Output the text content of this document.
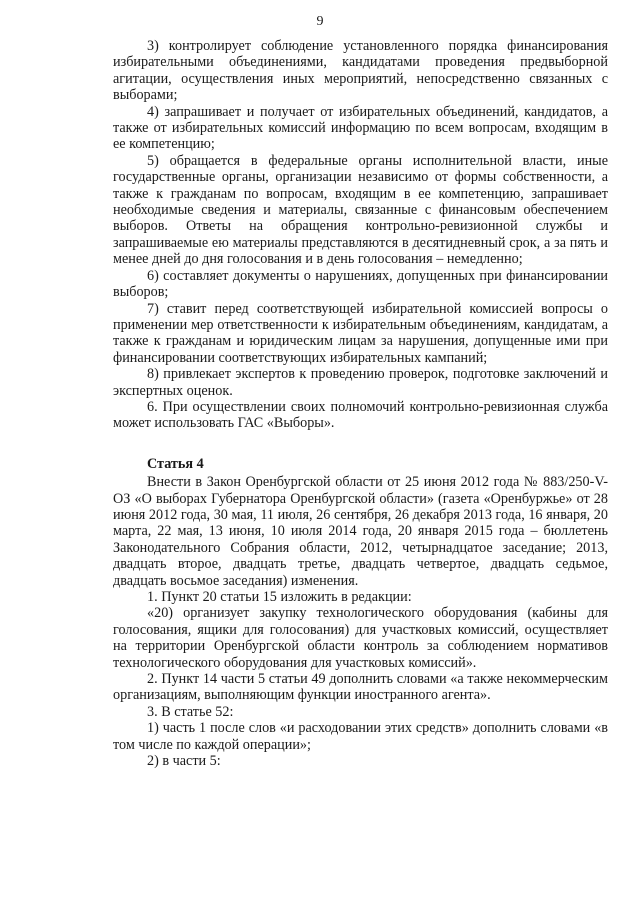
9

3) контролирует соблюдение установленного порядка финансирования избирательными объединениями, кандидатами проведения предвыборной агитации, осуществления иных мероприятий, непосредственно связанных с выборами;

4) запрашивает и получает от избирательных объединений, кандидатов, а также от избирательных комиссий информацию по всем вопросам, входящим в ее компетенцию;

5) обращается в федеральные органы исполнительной власти, иные государственные органы, организации независимо от формы собственности, а также к гражданам по вопросам, входящим в ее компетенцию, запрашивает необходимые сведения и материалы, связанные с финансовым обеспечением выборов. Ответы на обращения контрольно-ревизионной службы и запрашиваемые ею материалы представляются в десятидневный срок, а за пять и менее дней до дня голосования и в день голосования – немедленно;

6) составляет документы о нарушениях, допущенных при финансировании выборов;

7) ставит перед соответствующей избирательной комиссией вопросы о применении мер ответственности к избирательным объединениям, кандидатам, а также к гражданам и юридическим лицам за нарушения, допущенные ими при финансировании соответствующих избирательных кампаний;

8) привлекает экспертов к проведению проверок, подготовке заключений и экспертных оценок.

6. При осуществлении своих полномочий контрольно-ревизионная служба может использовать ГАС «Выборы».

Статья 4

Внести в Закон Оренбургской области от 25 июня 2012 года № 883/250-V-ОЗ «О выборах Губернатора Оренбургской области» (газета «Оренбуржье» от 28 июня 2012 года, 30 мая, 11 июля, 26 сентября, 26 декабря 2013 года, 16 января, 20 марта, 22 мая, 13 июня, 10 июля 2014 года, 20 января 2015 года – бюллетень Законодательного Собрания области, 2012, четырнадцатое заседание; 2013, двадцать второе, двадцать третье, двадцать четвертое, двадцать седьмое, двадцать восьмое заседания) изменения.

1. Пункт 20 статьи 15 изложить в редакции:

«20) организует закупку технологического оборудования (кабины для голосования, ящики для голосования) для участковых комиссий, осуществляет на территории Оренбургской области контроль за соблюдением нормативов технологического оборудования для участковых комиссий».

2. Пункт 14 части 5 статьи 49 дополнить словами «а также некоммерческим организациям, выполняющим функции иностранного агента».

3. В статье 52:

1) часть 1 после слов «и расходовании этих средств» дополнить словами «в том числе по каждой операции»;

2) в части 5:
